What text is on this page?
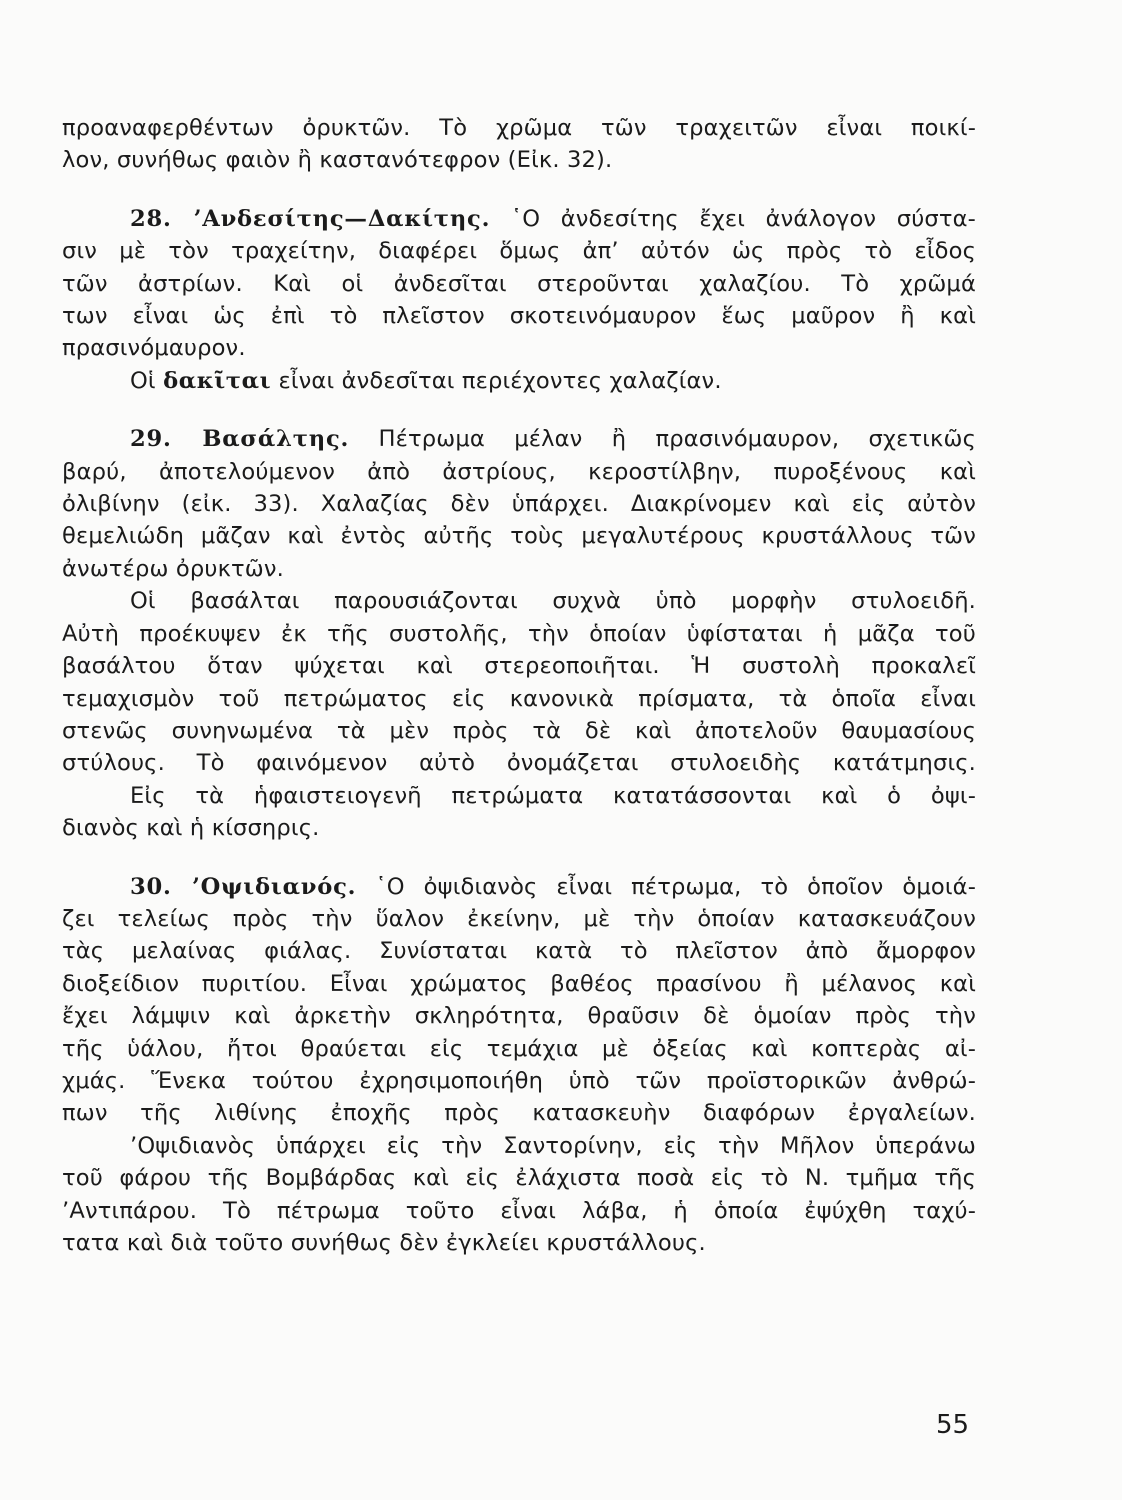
προαναφερθέντων ὀρυκτῶν. Τὸ χρῶμα τῶν τραχειτῶν εἶναι ποικί-
λον, συνήθως φαιὸν ἢ καστανότεφρον (Εἰκ. 32).
28. ’Ανδεσίτης—Δακίτης. ῾Ο ἀνδεσίτης ἔχει ἀνάλογον σύστα-
σιν μὲ τὸν τραχείτην, διαφέρει ὅμως ἀπ’ αὐτόν ὡς πρὸς τὸ εἶδος
τῶν ἀστρίων. Καὶ οἱ ἀνδεσῖται στεροῦνται χαλαζίου. Τὸ χρῶμά
των εἶναι ὡς ἐπὶ τὸ πλεῖστον σκοτεινόμαυρον ἕως μαῦρον ἢ καὶ
πρασινόμαυρον.
Οἱ δακῖται εἶναι ἀνδεσῖται περιέχοντες χαλαζίαν.
29. Βασάλτης. Πέτρωμα μέλαν ἢ πρασινόμαυρον, σχετικῶς
βαρύ, ἀποτελούμενον ἀπὸ ἀστρίους, κεροστίλβην, πυροξένους καὶ
ὀλιβίνην (εἰκ. 33). Χαλαζίας δὲν ὑπάρχει. Διακρίνομεν καὶ εἰς αὐτὸν
θεμελιώδη μᾶζαν καὶ ἐντὸς αὐτῆς τοὺς μεγαλυτέρους κρυστάλλους τῶν
ἀνωτέρω ὀρυκτῶν.
Οἱ βασάλται παρουσιάζονται συχνὰ ὑπὸ μορφὴν στυλοειδῆ.
Αὐτὴ προέκυψεν ἐκ τῆς συστολῆς, τὴν ὁποίαν ὑφίσταται ἡ μᾶζα τοῦ
βασάλτου ὅταν ψύχεται καὶ στερεοποιῆται. Ἡ συστολὴ προκαλεῖ
τεμαχισμὸν τοῦ πετρώματος εἰς κανονικὰ πρίσματα, τὰ ὁποῖα εἶναι
στενῶς συνηνωμένα τὰ μὲν πρὸς τὰ δὲ καὶ ἀποτελοῦν θαυμασίους
στύλους. Τὸ φαινόμενον αὐτὸ ὀνομάζεται στυλοειδὴς κατάτμησις.
Εἰς τὰ ἡφαιστειογενῆ πετρώματα κατατάσσονται καὶ ὁ ὀψι-
διανὸς καὶ ἡ κίσσηρις.
30. ’Οψιδιανός. ῾Ο ὀψιδιανὸς εἶναι πέτρωμα, τὸ ὁποῖον ὁμοιά-
ζει τελείως πρὸς τὴν ὕαλον ἐκείνην, μὲ τὴν ὁποίαν κατασκευάζουν
τὰς μελαίνας φιάλας. Συνίσταται κατὰ τὸ πλεῖστον ἀπὸ ἄμορφον
διοξείδιον πυριτίου. Εἶναι χρώματος βαθέος πρασίνου ἢ μέλανος καὶ
ἔχει λάμψιν καὶ ἀρκετὴν σκληρότητα, θραῦσιν δὲ ὁμοίαν πρὸς τὴν
τῆς ὑάλου, ἤτοι θραύεται εἰς τεμάχια μὲ ὀξείας καὶ κοπτερὰς αἰ-
χμάς. Ἕνεκα τούτου ἐχρησιμοποιήθη ὑπὸ τῶν προϊστορικῶν ἀνθρώ-
πων τῆς λιθίνης ἐποχῆς πρὸς κατασκευὴν διαφόρων ἐργαλείων.
’Οψιδιανὸς ὑπάρχει εἰς τὴν Σαντορίνην, εἰς τὴν Μῆλον ὑπεράνω
τοῦ φάρου τῆς Βομβάρδας καὶ εἰς ἐλάχιστα ποσὰ εἰς τὸ Ν. τμῆμα τῆς
’Αντιπάρου. Τὸ πέτρωμα τοῦτο εἶναι λάβα, ἡ ὁποία ἐψύχθη ταχύ-
τατα καὶ διὰ τοῦτο συνήθως δὲν ἐγκλείει κρυστάλλους.
55
